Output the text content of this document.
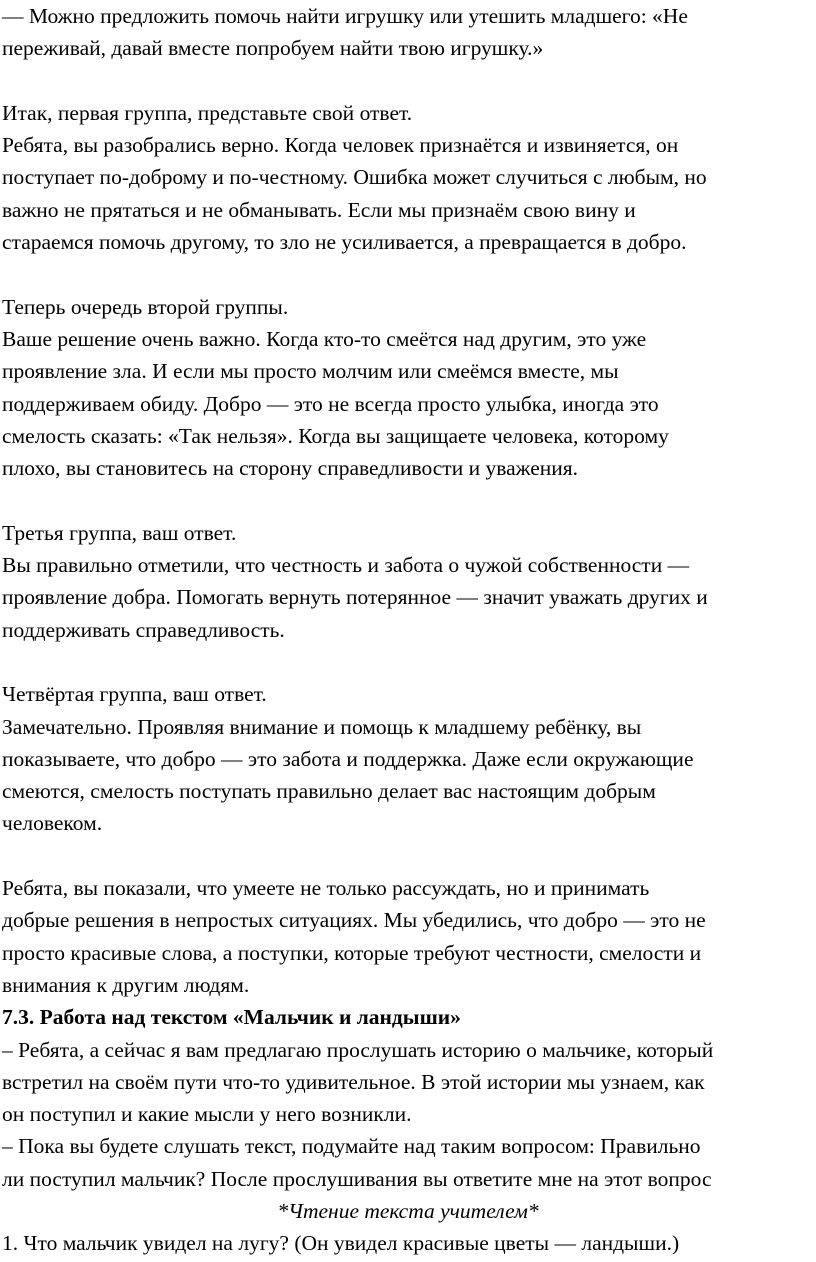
— Можно предложить помочь найти игрушку или утешить младшего: «Не
переживай, давай вместе попробуем найти твою игрушку.»
Итак, первая группа, представьте свой ответ.
Ребята, вы разобрались верно. Когда человек признаётся и извиняется, он
поступает по-доброму и по-честному. Ошибка может случиться с любым, но
важно не прятаться и не обманывать. Если мы признаём свою вину и
стараемся помочь другому, то зло не усиливается, а превращается в добро.
Теперь очередь второй группы.
Ваше решение очень важно. Когда кто-то смеётся над другим, это уже
проявление зла. И если мы просто молчим или смеёмся вместе, мы
поддерживаем обиду. Добро — это не всегда просто улыбка, иногда это
смелость сказать: «Так нельзя». Когда вы защищаете человека, которому
плохо, вы становитесь на сторону справедливости и уважения.
Третья группа, ваш ответ.
Вы правильно отметили, что честность и забота о чужой собственности —
проявление добра. Помогать вернуть потерянное — значит уважать других и
поддерживать справедливость.
Четвёртая группа, ваш ответ.
Замечательно. Проявляя внимание и помощь к младшему ребёнку, вы
показываете, что добро — это забота и поддержка. Даже если окружающие
смеются, смелость поступать правильно делает вас настоящим добрым
человеком.
Ребята, вы показали, что умеете не только рассуждать, но и принимать
добрые решения в непростых ситуациях. Мы убедились, что добро — это не
просто красивые слова, а поступки, которые требуют честности, смелости и
внимания к другим людям.
7.3. Работа над текстом «Мальчик и ландыши»
– Ребята, а сейчас я вам предлагаю прослушать историю о мальчике, который
встретил на своём пути что-то удивительное. В этой истории мы узнаем, как
он поступил и какие мысли у него возникли.
– Пока вы будете слушать текст, подумайте над таким вопросом: Правильно
ли поступил мальчик? После прослушивания вы ответите мне на этот вопрос
*Чтение текста учителем*
1. Что мальчик увидел на лугу? (Он увидел красивые цветы — ландыши.)
